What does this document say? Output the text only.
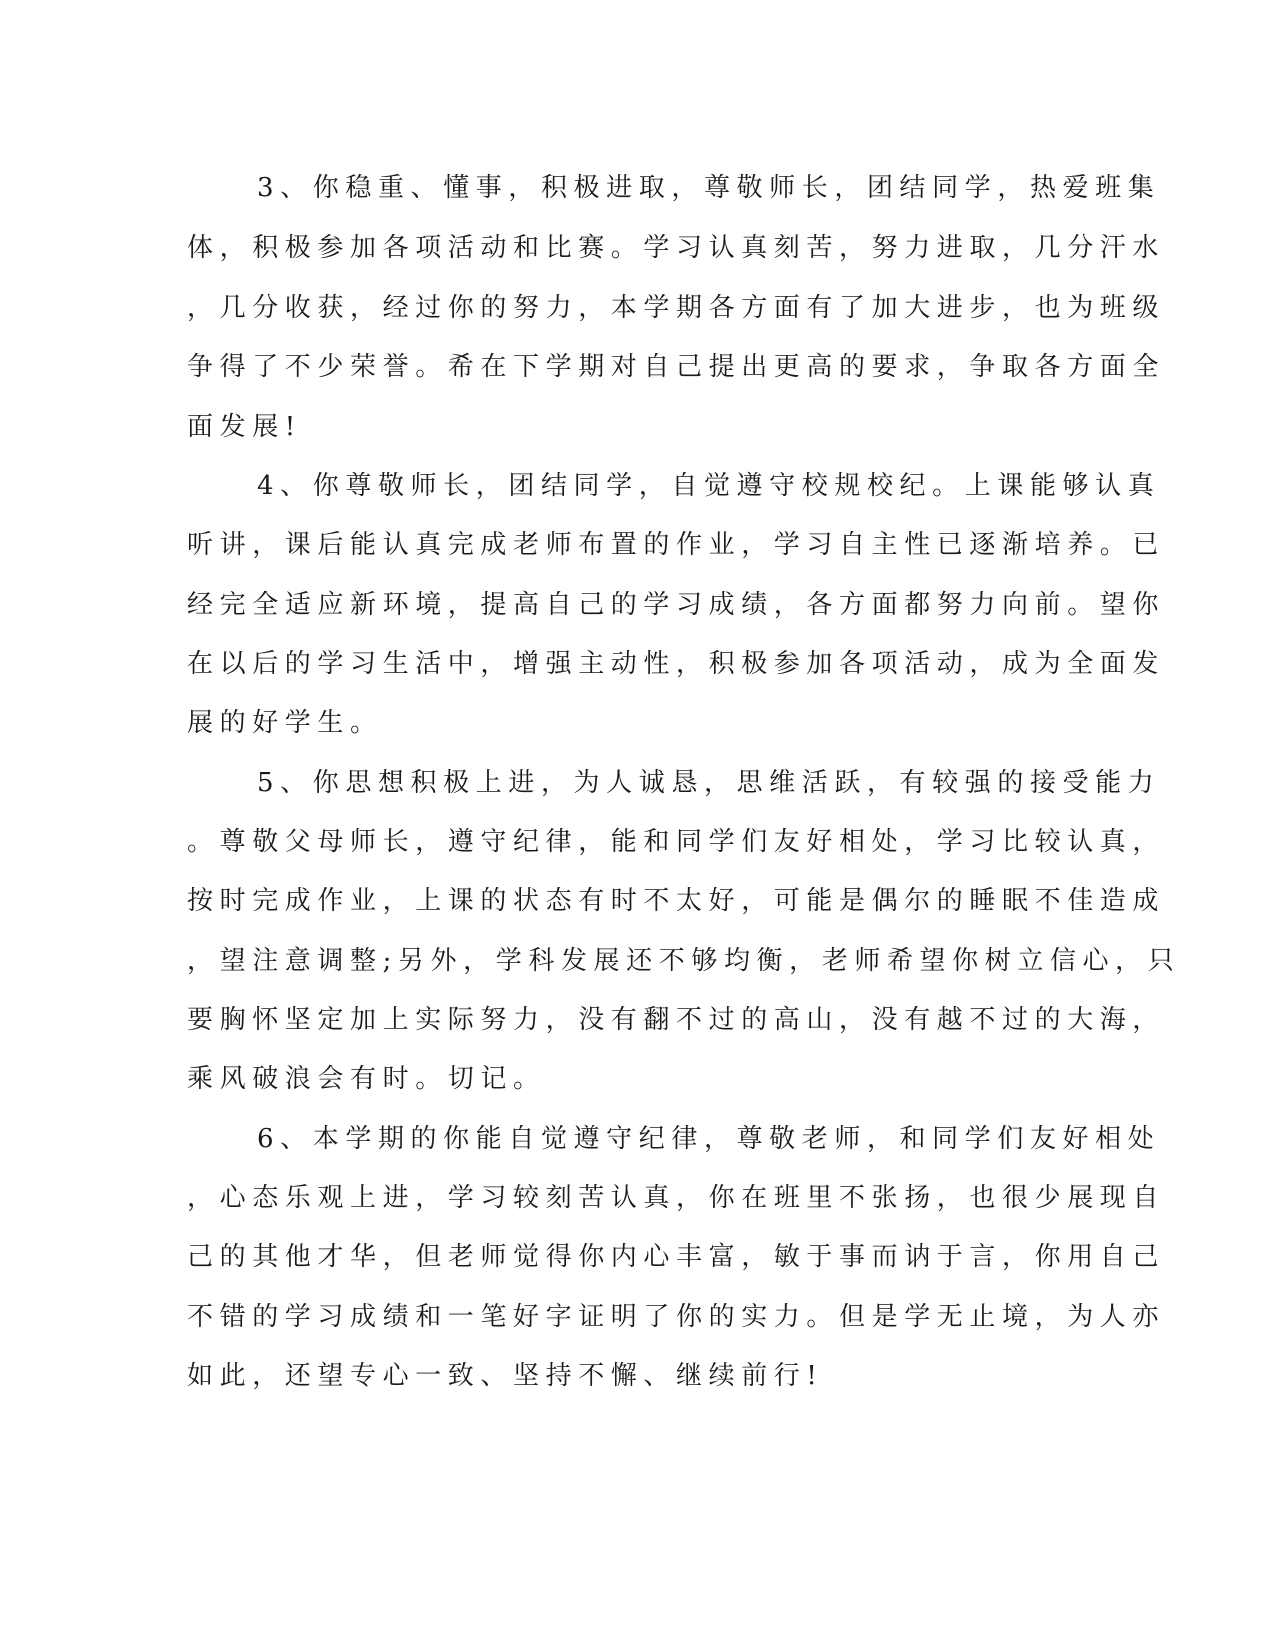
3、你稳重、懂事，积极进取，尊敬师长，团结同学，热爱班集
体，积极参加各项活动和比赛。学习认真刻苦，努力进取，几分汗水
，几分收获，经过你的努力，本学期各方面有了加大进步，也为班级
争得了不少荣誉。希在下学期对自己提出更高的要求，争取各方面全
面发展!
4、你尊敬师长，团结同学，自觉遵守校规校纪。上课能够认真
听讲，课后能认真完成老师布置的作业，学习自主性已逐渐培养。已
经完全适应新环境，提高自己的学习成绩，各方面都努力向前。望你
在以后的学习生活中，增强主动性，积极参加各项活动，成为全面发
展的好学生。
5、你思想积极上进，为人诚恳，思维活跃，有较强的接受能力
。尊敬父母师长，遵守纪律，能和同学们友好相处，学习比较认真，
按时完成作业，上课的状态有时不太好，可能是偶尔的睡眠不佳造成
，望注意调整;另外，学科发展还不够均衡，老师希望你树立信心，只
要胸怀坚定加上实际努力，没有翻不过的高山，没有越不过的大海，
乘风破浪会有时。切记。
6、本学期的你能自觉遵守纪律，尊敬老师，和同学们友好相处
，心态乐观上进，学习较刻苦认真，你在班里不张扬，也很少展现自
己的其他才华，但老师觉得你内心丰富，敏于事而讷于言，你用自己
不错的学习成绩和一笔好字证明了你的实力。但是学无止境，为人亦
如此，还望专心一致、坚持不懈、继续前行!
